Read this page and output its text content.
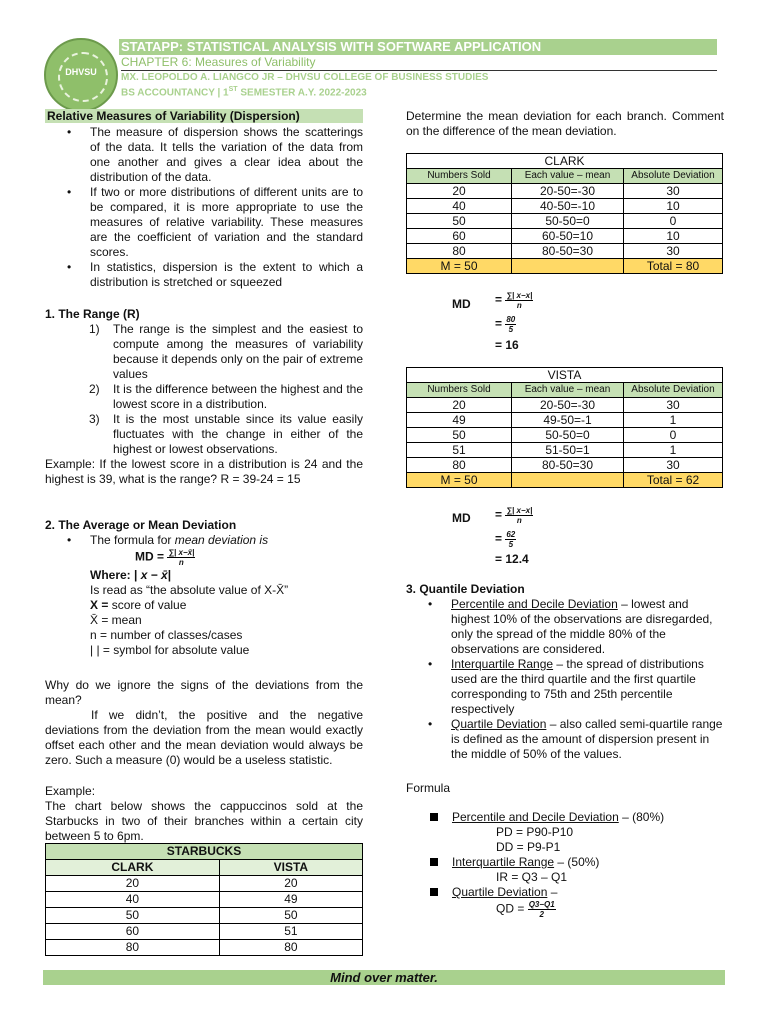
DHVSU
STATAPP: STATISTICAL ANALYSIS WITH SOFTWARE APPLICATION
CHAPTER 6: Measures of Variability
MX. LEOPOLDO A. LIANGCO JR – DHVSU COLLEGE OF BUSINESS STUDIES
BS ACCOUNTANCY | 1ST SEMESTER A.Y. 2022-2023
Relative Measures of Variability (Dispersion)
• The measure of dispersion shows the scatterings of the data. It tells the variation of the data from one another and gives a clear idea about the distribution of the data.
• If two or more distributions of different units are to be compared, it is more appropriate to use the measures of relative variability. These measures are the coefficient of variation and the standard scores.
• In statistics, dispersion is the extent to which a distribution is stretched or squeezed
1. The Range (R)
1) The range is the simplest and the easiest to compute among the measures of variability because it depends only on the pair of extreme values
2) It is the difference between the highest and the lowest score in a distribution.
3) It is the most unstable since its value easily fluctuates with the change in either of the highest or lowest observations.
Example: If the lowest score in a distribution is 24 and the highest is 39, what is the range? R = 39-24 = 15
2. The Average or Mean Deviation
• The formula for mean deviation is
MD = $\frac{\sum| x-x̄|}{n}$
Where: | x − x̄|
Is read as “the absolute value of X-X̄”
X = score of value
X̄ = mean
n = number of classes/cases
| | = symbol for absolute value
Why do we ignore the signs of the deviations from the mean?
If we didn’t, the positive and the negative deviations from the deviation from the mean would exactly offset each other and the mean deviation would always be zero. Such a measure (0) would be a useless statistic.
Example:
The chart below shows the cappuccinos sold at the Starbucks in two of their branches within a certain city between 5 to 6pm.
STARBUCKS	
CLARK	VISTA
20	20
40	49
50	50
60	51
80	80
Determine the mean deviation for each branch. Comment on the difference of the mean deviation.
CLARK		
Numbers Sold	Each value – mean	Absolute Deviation
20	20-50=-30	30
40	40-50=-10	10
50	50-50=0	0
60	60-50=10	10
80	80-50=30	30
M = 50		Total = 80
MD = $\frac{\sum| x-x|}{n}$
= $\frac{80}{5}$
= 16
VISTA		
Numbers Sold	Each value – mean	Absolute Deviation
20	20-50=-30	30
49	49-50=-1	1
50	50-50=0	0
51	51-50=1	1
80	80-50=30	30
M = 50		Total = 62
MD = $\frac{\sum| x-x|}{n}$
= $\frac{62}{5}$
= 12.4
3. Quantile Deviation
• Percentile and Decile Deviation – lowest and highest 10% of the observations are disregarded, only the spread of the middle 80% of the observations are considered.
• Interquartile Range – the spread of distributions used are the third quartile and the first quartile corresponding to 75th and 25th percentile respectively
• Quartile Deviation – also called semi-quartile range is defined as the amount of dispersion present in the middle of 50% of the values.
Formula
Percentile and Decile Deviation – (80%)
PD = P90-P10
DD = P9-P1
Interquartile Range – (50%)
IR = Q3 – Q1
Quartile Deviation –
QD = $\frac{Q3-Q1}{2}$
Mind over matter.
